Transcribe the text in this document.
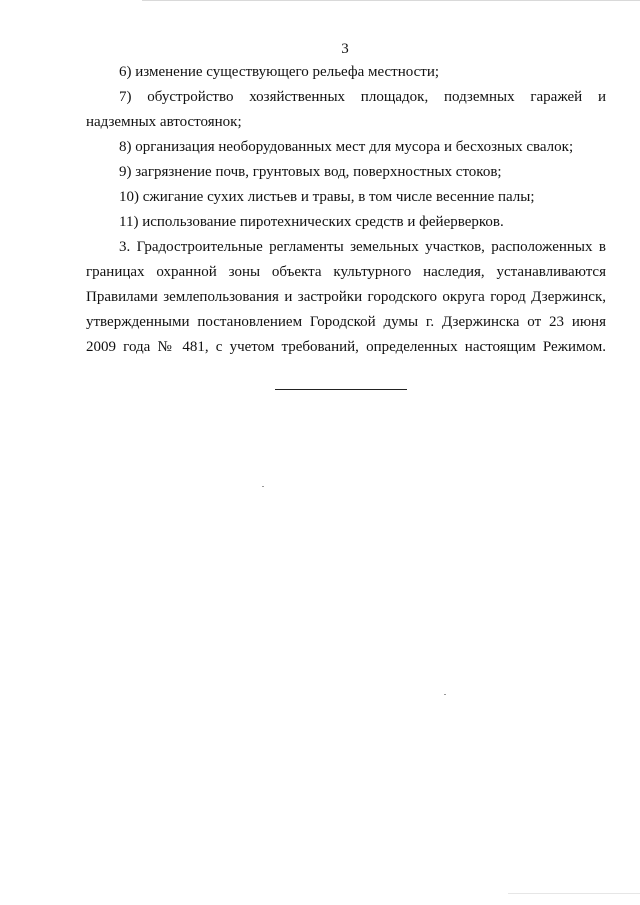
3

6) изменение существующего рельефа местности;

7) обустройство хозяйственных площадок, подземных гаражей и

надземных автостоянок;

8) организация необорудованных мест для мусора и бесхозных свалок;

9) загрязнение почв, грунтовых вод, поверхностных стоков;

10) сжигание сухих листьев и травы, в том числе весенние палы;

11) использование пиротехнических средств и фейерверков.

3. Градостроительные регламенты земельных участков, расположенных в

границах охранной зоны объекта культурного наследия, устанавливаются

Правилами землепользования и застройки городского округа город Дзержинск,

утвержденными постановлением Городской думы г. Дзержинска от 23 июня

2009 года № 481, с учетом требований, определенных настоящим Режимом.
